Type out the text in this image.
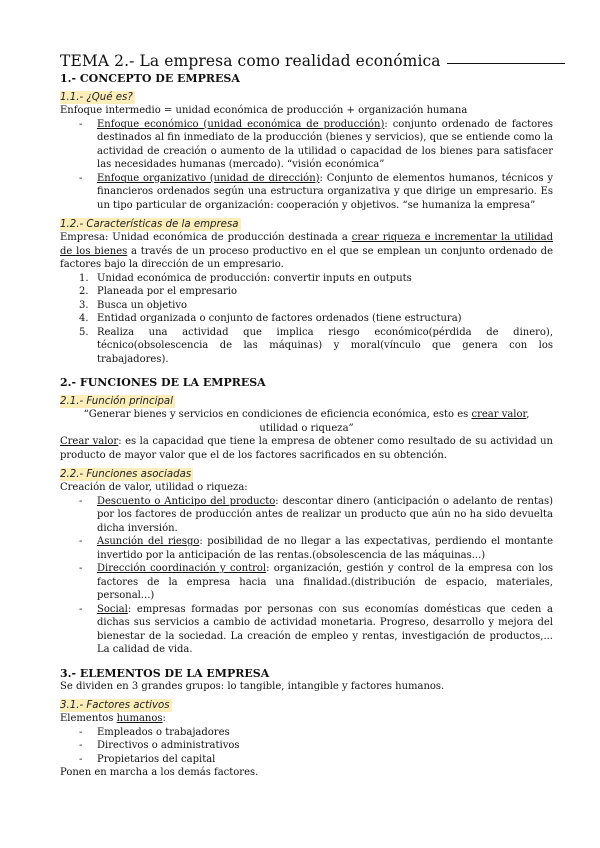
TEMA 2.- La empresa como realidad económica
1.- CONCEPTO DE EMPRESA
1.1.- ¿Qué es?

Enfoque intermedio = unidad económica de producción + organización humana

- Enfoque económico (unidad económica de producción): conjunto ordenado de factores destinados al fin inmediato de la producción (bienes y servicios), que se entiende como la actividad de creación o aumento de la utilidad o capacidad de los bienes para satisfacer las necesidades humanas (mercado). “visión económica”
- Enfoque organizativo (unidad de dirección): Conjunto de elementos humanos, técnicos y financieros ordenados según una estructura organizativa y que dirige un empresario. Es un tipo particular de organización: cooperación y objetivos. “se humaniza la empresa”
1.2.- Características de la empresa

Empresa: Unidad económica de producción destinada a crear riqueza e incrementar la utilidad de los bienes a través de un proceso productivo en el que se emplean un conjunto ordenado de factores bajo la dirección de un empresario.

1. Unidad económica de producción: convertir inputs en outputs
2. Planeada por el empresario
3. Busca un objetivo
4. Entidad organizada o conjunto de factores ordenados (tiene estructura)
5. Realiza una actividad que implica riesgo económico(pérdida de dinero), técnico(obsolescencia de las máquinas) y moral(vínculo que genera con los trabajadores).
2.- FUNCIONES DE LA EMPRESA
2.1.- Función principal

“Generar bienes y servicios en condiciones de eficiencia económica, esto es crear valor, utilidad o riqueza”

Crear valor: es la capacidad que tiene la empresa de obtener como resultado de su actividad un producto de mayor valor que el de los factores sacrificados en su obtención.

2.2.- Funciones asociadas

Creación de valor, utilidad o riqueza:

- Descuento o Anticipo del producto: descontar dinero (anticipación o adelanto de rentas) por los factores de producción antes de realizar un producto que aún no ha sido devuelta dicha inversión.
- Asunción del riesgo: posibilidad de no llegar a las expectativas, perdiendo el montante invertido por la anticipación de las rentas.(obsolescencia de las máquinas...)
- Dirección coordinación y control: organización, gestión y control de la empresa con los factores de la empresa hacia una finalidad.(distribución de espacio, materiales, personal...)
- Social: empresas formadas por personas con sus economías domésticas que ceden a dichas sus servicios a cambio de actividad monetaria. Progreso, desarrollo y mejora del bienestar de la sociedad. La creación de empleo y rentas, investigación de productos,... La calidad de vida.
3.- ELEMENTOS DE LA EMPRESA

Se dividen en 3 grandes grupos: lo tangible, intangible y factores humanos.

3.1.- Factores activos

Elementos humanos:

- Empleados o trabajadores
- Directivos o administrativos
- Propietarios del capital

Ponen en marcha a los demás factores.
